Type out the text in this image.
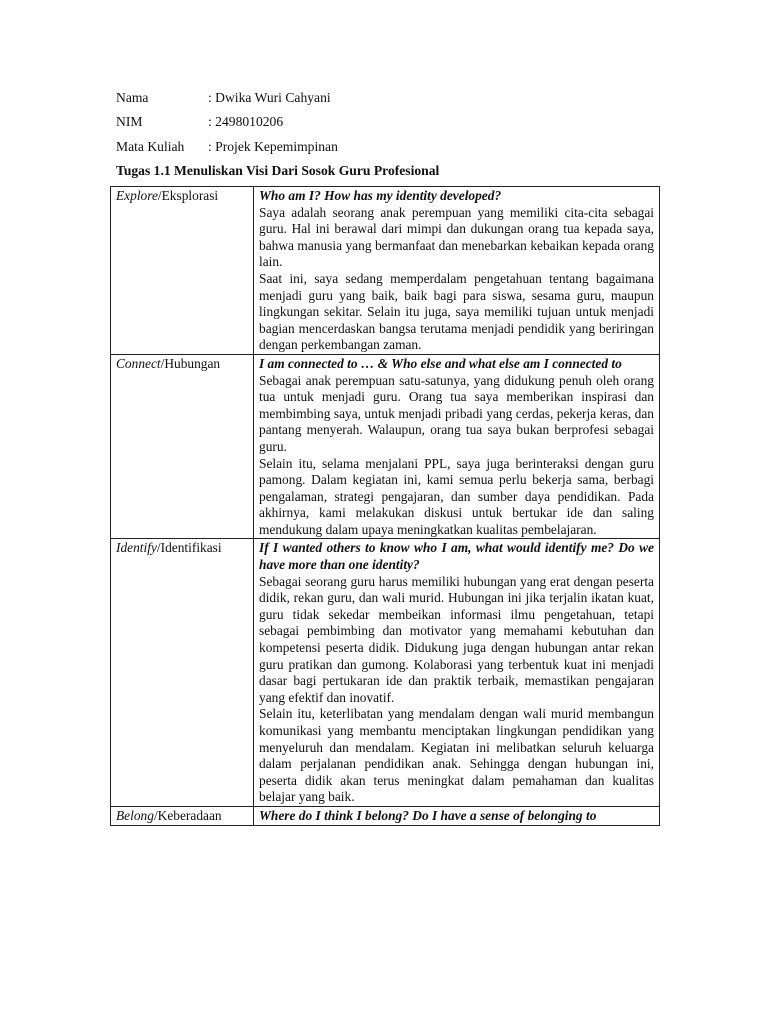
Nama	: Dwika Wuri Cahyani
NIM	: 2498010206
Mata Kuliah	: Projek Kepemimpinan
Tugas 1.1 Menuliskan Visi Dari Sosok Guru Profesional
Explore/Eksplorasi	Who am I? How has my identity developed?
Saya adalah seorang anak perempuan yang memiliki cita-cita sebagai guru. Hal ini berawal dari mimpi dan dukungan orang tua kepada saya, bahwa manusia yang bermanfaat dan menebarkan kebaikan kepada orang lain.
Saat ini, saya sedang memperdalam pengetahuan tentang bagaimana menjadi guru yang baik, baik bagi para siswa, sesama guru, maupun lingkungan sekitar. Selain itu juga, saya memiliki tujuan untuk menjadi bagian mencerdaskan bangsa terutama menjadi pendidik yang beriringan dengan perkembangan zaman.

Connect/Hubungan	I am connected to … & Who else and what else am I connected to
Sebagai anak perempuan satu-satunya, yang didukung penuh oleh orang tua untuk menjadi guru. Orang tua saya memberikan inspirasi dan membimbing saya, untuk menjadi pribadi yang cerdas, pekerja keras, dan pantang menyerah. Walaupun, orang tua saya bukan berprofesi sebagai guru.
Selain itu, selama menjalani PPL, saya juga berinteraksi dengan guru pamong. Dalam kegiatan ini, kami semua perlu bekerja sama, berbagi pengalaman, strategi pengajaran, dan sumber daya pendidikan. Pada akhirnya, kami melakukan diskusi untuk bertukar ide dan saling mendukung dalam upaya meningkatkan kualitas pembelajaran.

Identify/Identifikasi	If I wanted others to know who I am, what would identify me? Do we have more than one identity?
Sebagai seorang guru harus memiliki hubungan yang erat dengan peserta didik, rekan guru, dan wali murid. Hubungan ini jika terjalin ikatan kuat, guru tidak sekedar membeikan informasi ilmu pengetahuan, tetapi sebagai pembimbing dan motivator yang memahami kebutuhan dan kompetensi peserta didik. Didukung juga dengan hubungan antar rekan guru pratikan dan gumong. Kolaborasi yang terbentuk kuat ini menjadi dasar bagi pertukaran ide dan praktik terbaik, memastikan pengajaran yang efektif dan inovatif.
Selain itu, keterlibatan yang mendalam dengan wali murid membangun komunikasi yang membantu menciptakan lingkungan pendidikan yang menyeluruh dan mendalam. Kegiatan ini melibatkan seluruh keluarga dalam perjalanan pendidikan anak. Sehingga dengan hubungan ini, peserta didik akan terus meningkat dalam pemahaman dan kualitas belajar yang baik.

Belong/Keberadaan	Where do I think I belong? Do I have a sense of belonging to
